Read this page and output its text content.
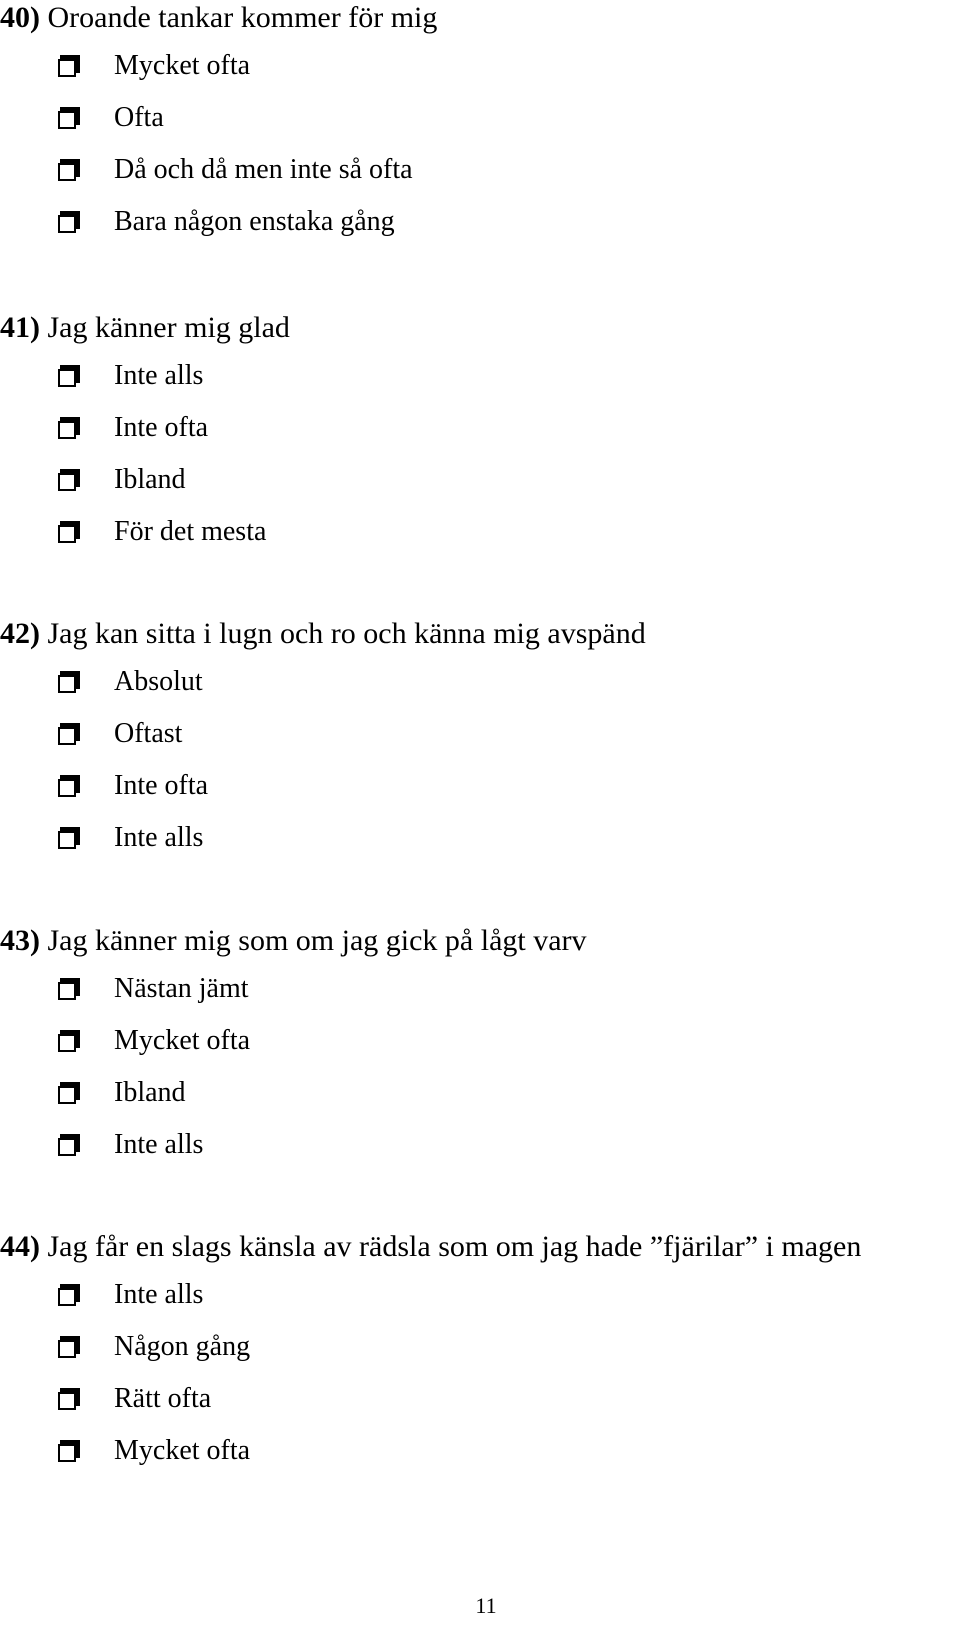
40) Oroande tankar kommer för mig
Mycket ofta
Ofta
Då och då men inte så ofta
Bara någon enstaka gång
41) Jag känner mig glad
Inte alls
Inte ofta
Ibland
För det mesta
42) Jag kan sitta i lugn och ro och känna mig avspänd
Absolut
Oftast
Inte ofta
Inte alls
43) Jag känner mig som om jag gick på lågt varv
Nästan jämt
Mycket ofta
Ibland
Inte alls
44) Jag får en slags känsla av rädsla som om jag hade ”fjärilar” i magen
Inte alls
Någon gång
Rätt ofta
Mycket ofta
11
